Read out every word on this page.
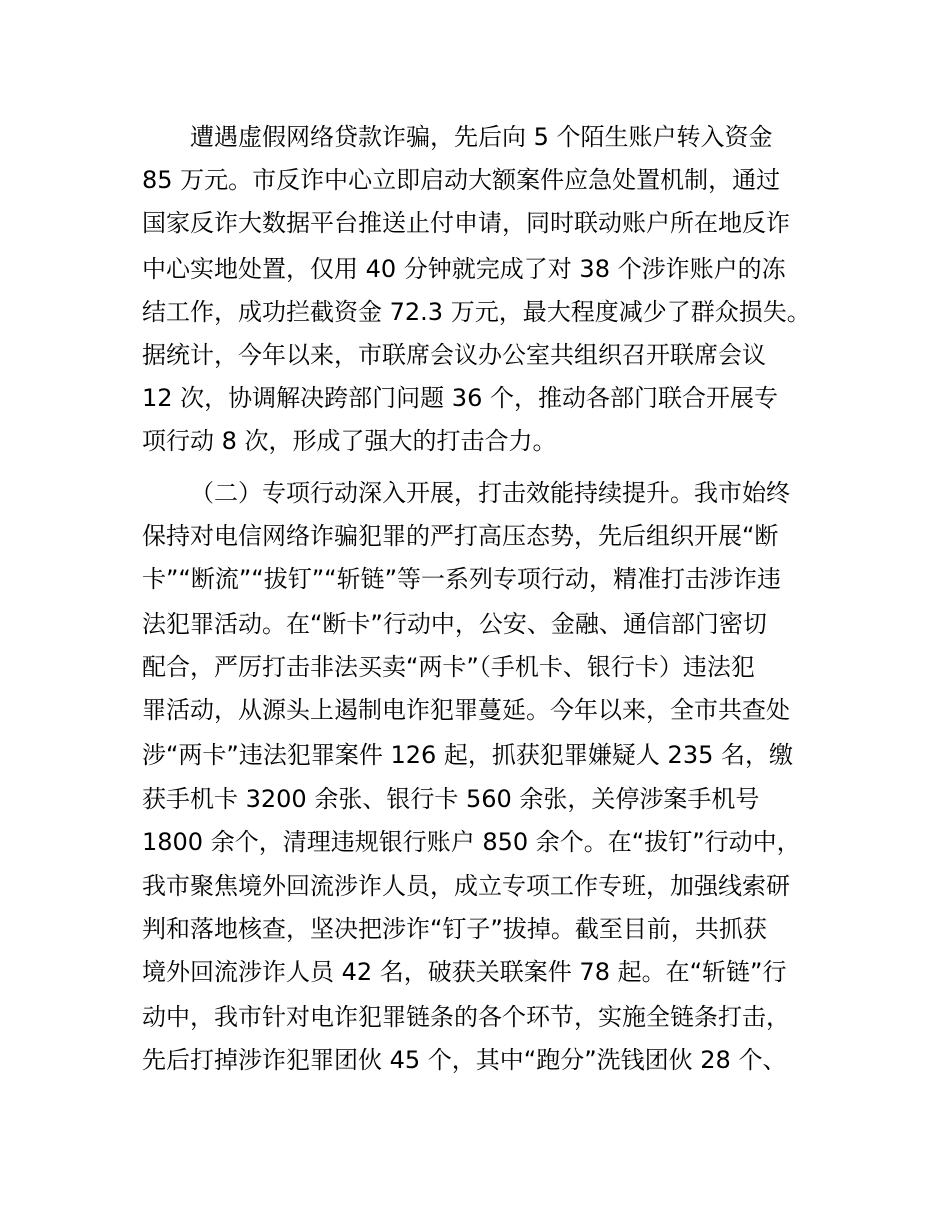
遭遇虚假网络贷款诈骗，先后向 5 个陌生账户转入资金
85 万元。市反诈中心立即启动大额案件应急处置机制，通过
国家反诈大数据平台推送止付申请，同时联动账户所在地反诈
中心实地处置，仅用 40 分钟就完成了对 38 个涉诈账户的冻
结工作，成功拦截资金 72.3 万元，最大程度减少了群众损失。
据统计，今年以来，市联席会议办公室共组织召开联席会议
12 次，协调解决跨部门问题 36 个，推动各部门联合开展专
项行动 8 次，形成了强大的打击合力。
（二）专项行动深入开展，打击效能持续提升。我市始终
保持对电信网络诈骗犯罪的严打高压态势，先后组织开展“断
卡”“断流”“拔钉”“斩链”等一系列专项行动，精准打击涉诈违
法犯罪活动。在“断卡”行动中，公安、金融、通信部门密切
配合，严厉打击非法买卖“两卡”（手机卡、银行卡）违法犯
罪活动，从源头上遏制电诈犯罪蔓延。今年以来，全市共查处
涉“两卡”违法犯罪案件 126 起，抓获犯罪嫌疑人 235 名，缴
获手机卡 3200 余张、银行卡 560 余张，关停涉案手机号
1800 余个，清理违规银行账户 850 余个。在“拔钉”行动中，
我市聚焦境外回流涉诈人员，成立专项工作专班，加强线索研
判和落地核查，坚决把涉诈“钉子”拔掉。截至目前，共抓获
境外回流涉诈人员 42 名，破获关联案件 78 起。在“斩链”行
动中，我市针对电诈犯罪链条的各个环节，实施全链条打击，
先后打掉涉诈犯罪团伙 45 个，其中“跑分”洗钱团伙 28 个、
